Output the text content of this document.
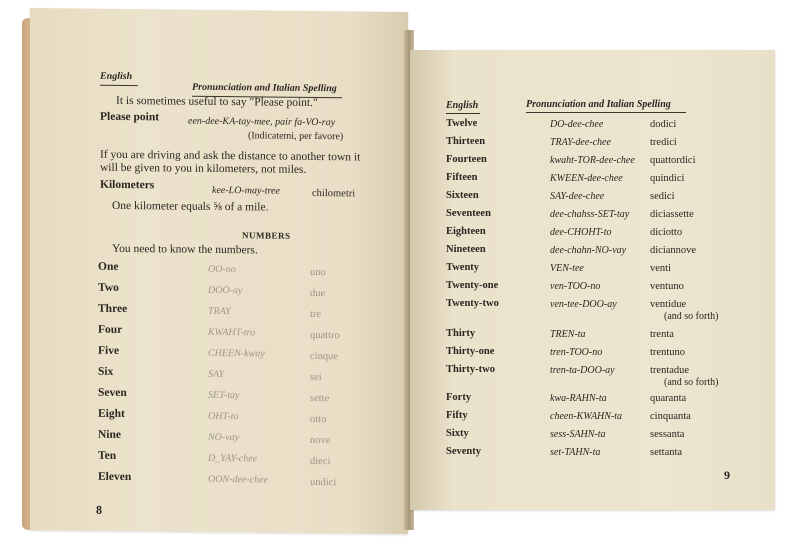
English
Pronunciation and Italian Spelling
It is sometimes useful to say "Please point."
Please point	een-dee-KA-tay-mee, pair fa-VO-ray
(Indicatemi, per favore)
If you are driving and ask the distance to another town it
will be given to you in kilometers, not miles.
Kilometers	kee-LO-may-tree	chilometri
One kilometer equals ⅝ of a mile.
NUMBERS
You need to know the numbers.
One	OO-no	uno
Two	DOO-ay	due
Three	TRAY	tre
Four	KWAHT-tro	quattro
Five	CHEEN-kway	cinque
Six	SAY	sei
Seven	SET-tay	sette
Eight	OHT-to	otto
Nine	NO-vay	nove
Ten	D_YAY-chee	dieci
Eleven	OON-dee-chee	undici
8
English	Pronunciation and Italian Spelling
Twelve	DO-dee-chee	dodici
Thirteen	TRAY-dee-chee	tredici
Fourteen	kwaht-TOR-dee-chee quattordici
Fifteen	KWEEN-dee-chee	quindici
Sixteen	SAY-dee-chee	sedici
Seventeen	dee-chahss-SET-tay diciassette
Eighteen	dee-CHOHT-to	diciotto
Nineteen	dee-chahn-NO-vay diciannove
Twenty	VEN-tee	venti
Twenty-one	ven-TOO-no	ventuno
Twenty-two	ven-tee-DOO-ay	ventidue
(and so forth)
Thirty	TREN-ta	trenta
Thirty-one	tren-TOO-no	trentuno
Thirty-two	tren-ta-DOO-ay	trentadue
(and so forth)
Forty	kwa-RAHN-ta	quaranta
Fifty	cheen-KWAHN-ta	cinquanta
Sixty	sess-SAHN-ta	sessanta
Seventy	set-TAHN-ta	settanta
9
